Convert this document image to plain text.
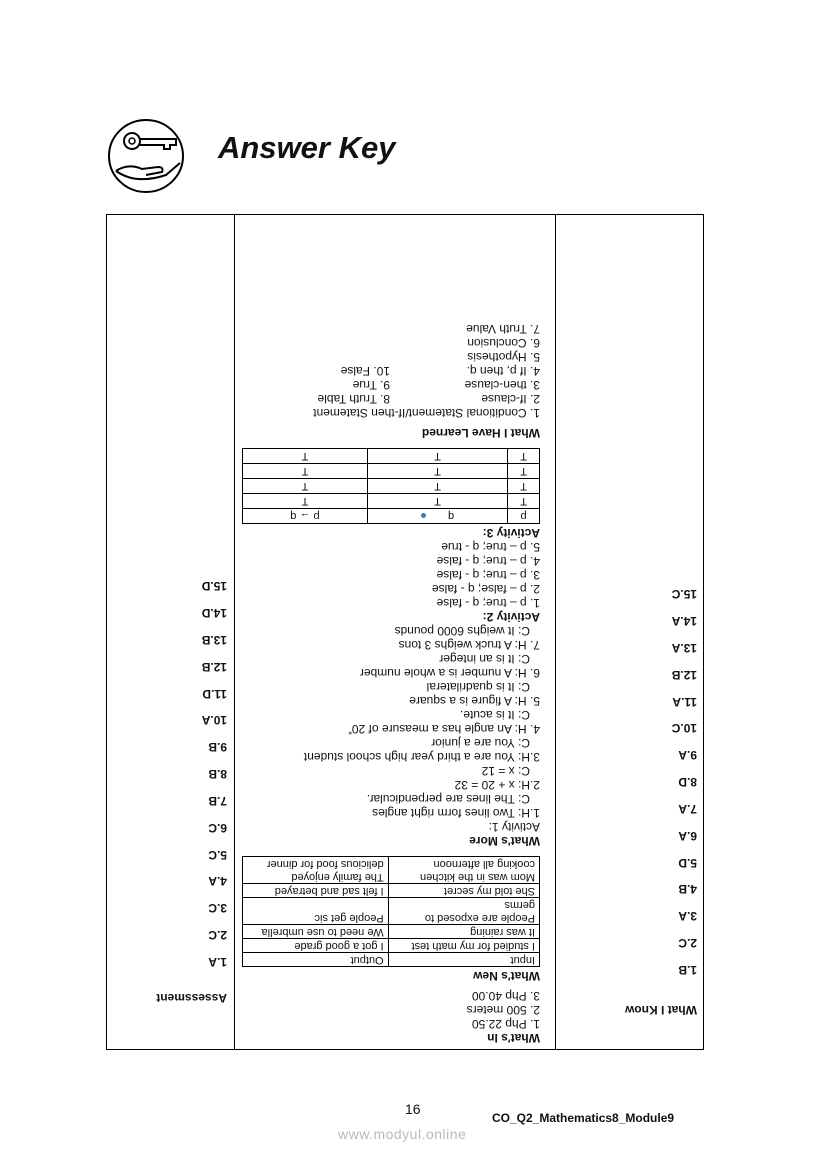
Answer Key
Assessment
1.A
2.C
3.C
4.A
5.C
6.C
7.B
8.B
9.B
10.A
11.D
12.B
13.B
14.D
15.D
What's In
1. Php 22.50
2. 500 meters
3. Php 40.00
What's New
Input	Output
I studied for my math test	I got a good grade
It was raining	We need to use umbrella
People are exposed to germs	People get sic
She told my secret	I felt sad and betrayed
Mom was in the kitchen cooking all afternoon	The family enjoyed delicious food for dinner
What's More
Activity 1:
1.H: Two lines form right angles
C: The lines are perpendicular.
2.H: x + 20 = 32
C: x = 12
3.H: You are a third year high school student
C: You are a junior
4. H: An angle has a measure of 20˚
C: It is acute.
5. H: A figure is a square
C: It is quadrilateral
6. H: A number is a whole number
C: It is an integer
7. H: A truck weighs 3 tons
C: It weighs 6000 pounds
Activity 2:
1. p – true; q - false
2. p – false; q - false
3. p – true; q - false
4. p – true; q - false
5. p – true; q - true
Activity 3:
p	q	p → q
T	T	T
T	T	T
T	T	T
T	T	T
What I Have Learned
1. Conditional Statement/If-then Statement
2. If-clause
8. Truth Table
3. then-clause
9. True
4. If p, then q.
10. False
5. Hypothesis
6. Conclusion
7. Truth Value
What I Know
1.B
2.C
3.A
4.B
5.D
6.A
7.A
8.D
9.A
10.C
11.A
12.B
13.A
14.A
15.C
16
CO_Q2_Mathematics8_Module9
www.modyul.online
